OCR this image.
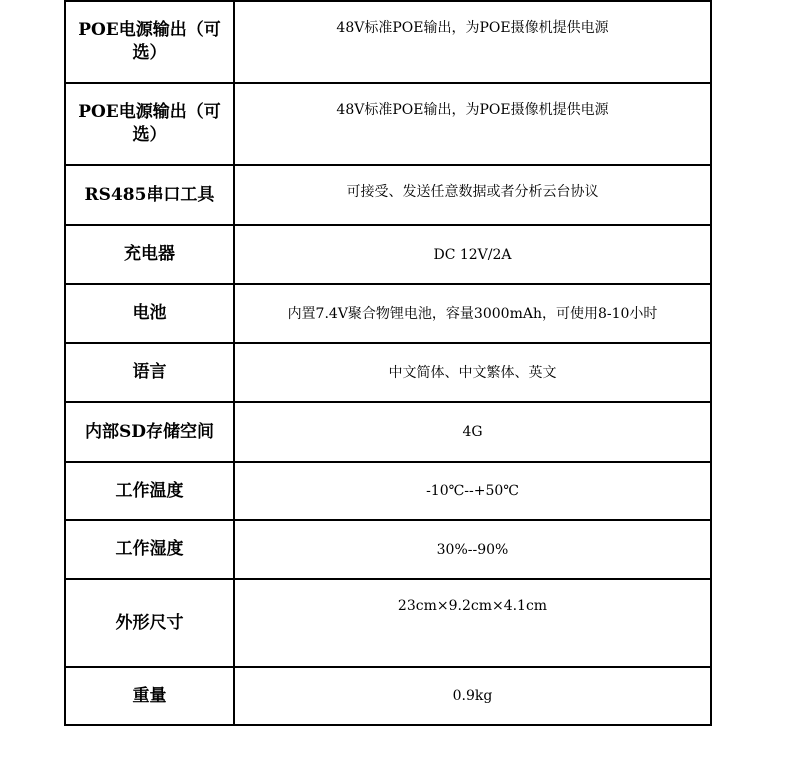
POE电源输出（可选）	48V标准POE输出，为POE摄像机提供电源

POE电源输出（可选）	48V标准POE输出，为POE摄像机提供电源
RS485串口工具	可接受、发送任意数据或者分析云台协议
充电器	DC 12V/2A
电池	内置7.4V聚合物锂电池，容量3000mAh，可使用8-10小时
语言	中文简体、中文繁体、英文
内部SD存储空间	4G
工作温度	-10℃--+50℃
工作湿度	30%--90%
外形尺寸	23cm×9.2cm×4.1cm
重量	0.9kg
